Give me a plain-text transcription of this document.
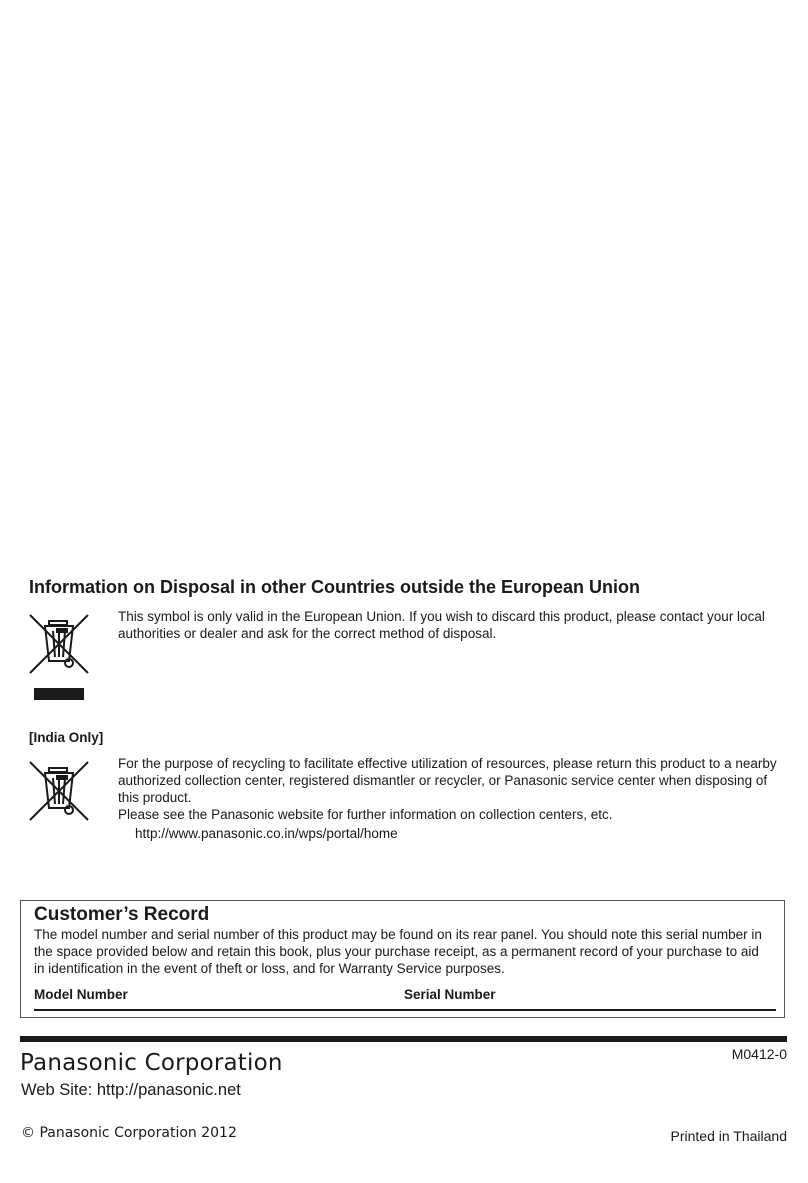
Information on Disposal in other Countries outside the European Union
This symbol is only valid in the European Union. If you wish to discard this product, please contact your local authorities or dealer and ask for the correct method of disposal.
[India Only]
For the purpose of recycling to facilitate effective utilization of resources, please return this product to a nearby authorized collection center, registered dismantler or recycler, or Panasonic service center when disposing of this product.
Please see the Panasonic website for further information on collection centers, etc.
http://www.panasonic.co.in/wps/portal/home
Customer’s Record
The model number and serial number of this product may be found on its rear panel. You should note this serial number in the space provided below and retain this book, plus your purchase receipt, as a permanent record of your purchase to aid in identification in the event of theft or loss, and for Warranty Service purposes.
Model Number	Serial Number
M0412-0
Panasonic Corporation
Web Site: http://panasonic.net
© Panasonic Corporation 2012	Printed in Thailand
